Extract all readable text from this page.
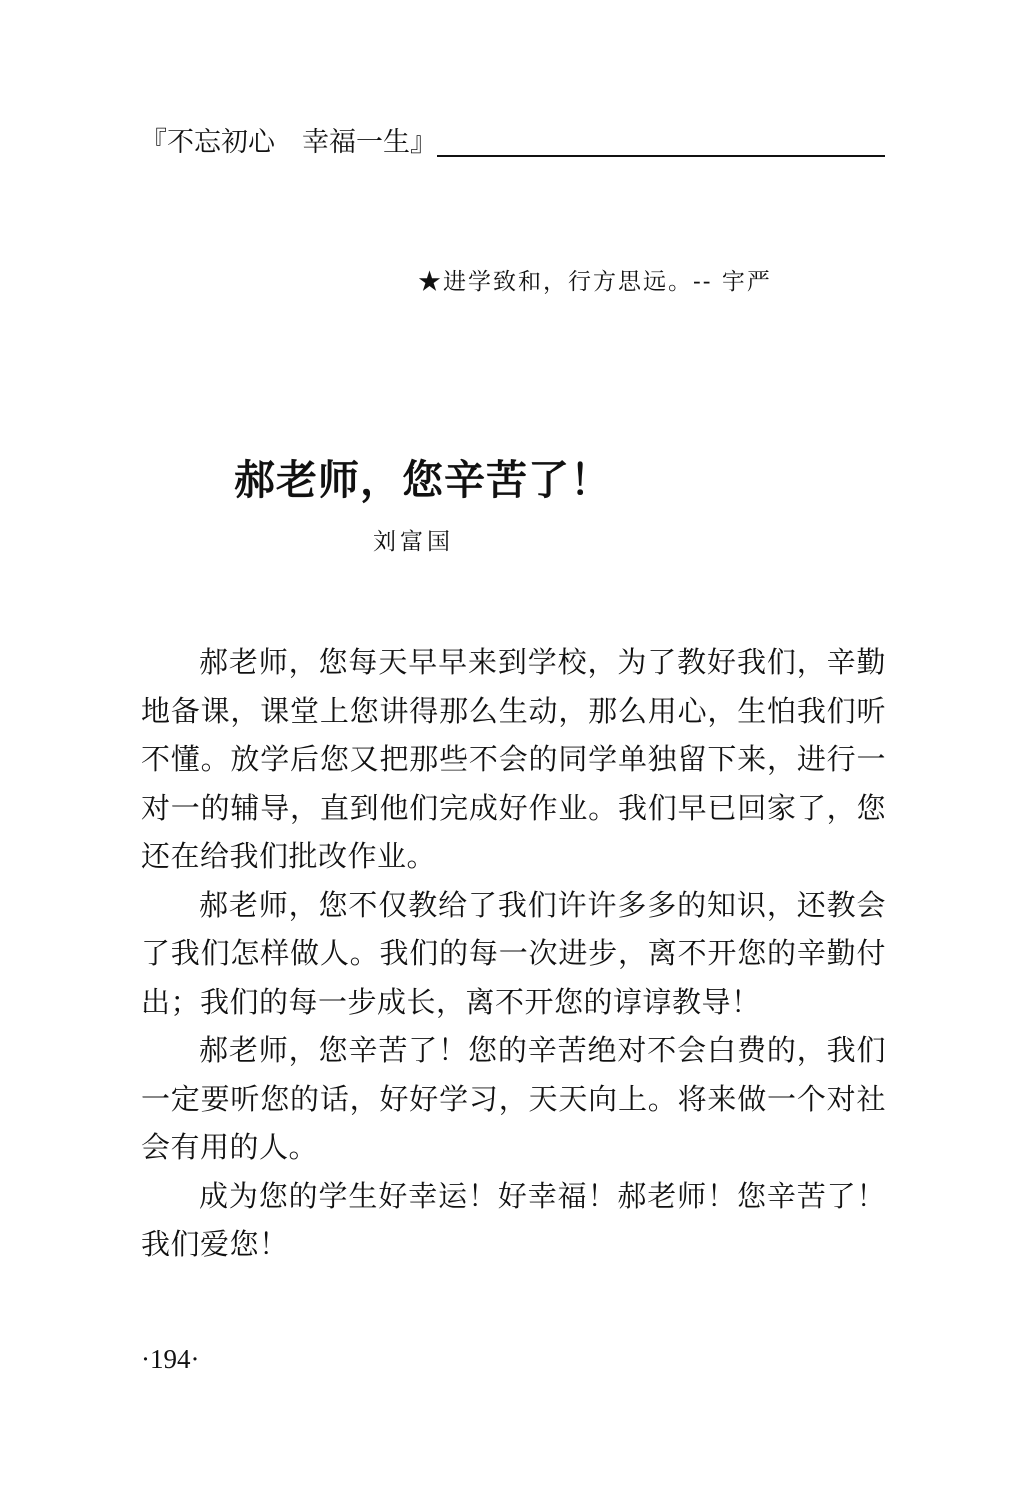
『不忘初心　幸福一生』
★进学致和，行方思远。-- 宇严
郝老师，您辛苦了！
刘富国

郝老师，您每天早早来到学校，为了教好我们，辛勤地备课，课堂上您讲得那么生动，那么用心，生怕我们听不懂。放学后您又把那些不会的同学单独留下来，进行一对一的辅导，直到他们完成好作业。我们早已回家了，您还在给我们批改作业。

郝老师，您不仅教给了我们许许多多的知识，还教会了我们怎样做人。我们的每一次进步，离不开您的辛勤付出；我们的每一步成长，离不开您的谆谆教导！

郝老师，您辛苦了！您的辛苦绝对不会白费的，我们一定要听您的话，好好学习，天天向上。将来做一个对社会有用的人。

成为您的学生好幸运！好幸福！郝老师！您辛苦了！我们爱您！

·194·
